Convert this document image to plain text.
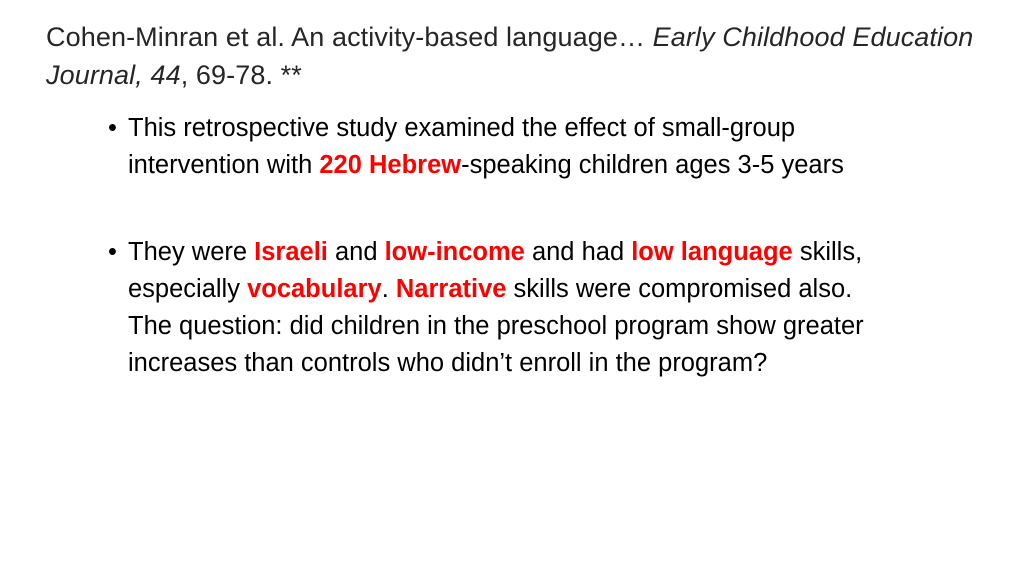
Cohen-Minran et al. An activity-based language… Early Childhood Education Journal, 44, 69-78. **
• This retrospective study examined the effect of small-group intervention with 220 Hebrew-speaking children ages 3-5 years
• They were Israeli and low-income and had low language skills, especially vocabulary. Narrative skills were compromised also. The question: did children in the preschool program show greater increases than controls who didn’t enroll in the program?
